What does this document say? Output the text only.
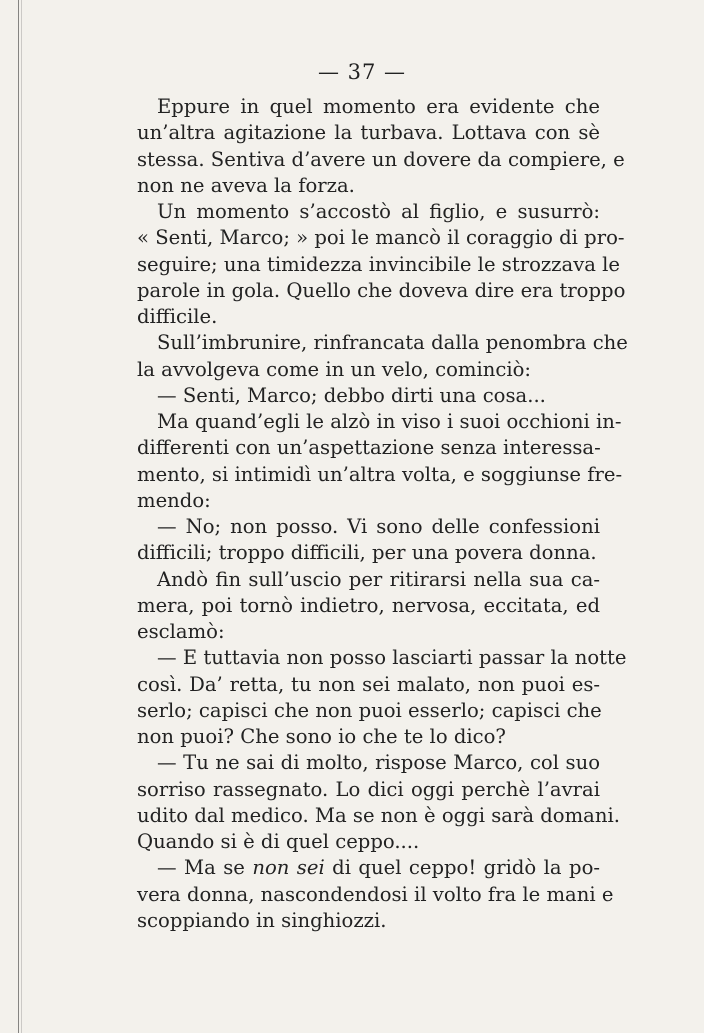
— 37 —
Eppure in quel momento era evidente che
un’altra agitazione la turbava. Lottava con sè
stessa. Sentiva d’avere un dovere da compiere, e
non ne aveva la forza.
Un momento s’accostò al figlio, e susurrò:
« Senti, Marco; » poi le mancò il coraggio di pro-
seguire; una timidezza invincibile le strozzava le
parole in gola. Quello che doveva dire era troppo
difficile.
Sull’imbrunire, rinfrancata dalla penombra che
la avvolgeva come in un velo, cominciò:
— Senti, Marco; debbo dirti una cosa...
Ma quand’egli le alzò in viso i suoi occhioni in-
differenti con un’aspettazione senza interessa-
mento, si intimidì un’altra volta, e soggiunse fre-
mendo:
— No; non posso. Vi sono delle confessioni
difficili; troppo difficili, per una povera donna.
Andò fin sull’uscio per ritirarsi nella sua ca-
mera, poi tornò indietro, nervosa, eccitata, ed
esclamò:
— E tuttavia non posso lasciarti passar la notte
così. Da’ retta, tu non sei malato, non puoi es-
serlo; capisci che non puoi esserlo; capisci che
non puoi? Che sono io che te lo dico?
— Tu ne sai di molto, rispose Marco, col suo
sorriso rassegnato. Lo dici oggi perchè l’avrai
udito dal medico. Ma se non è oggi sarà domani.
Quando si è di quel ceppo....
— Ma se non sei di quel ceppo! gridò la po-
vera donna, nascondendosi il volto fra le mani e
scoppiando in singhiozzi.
